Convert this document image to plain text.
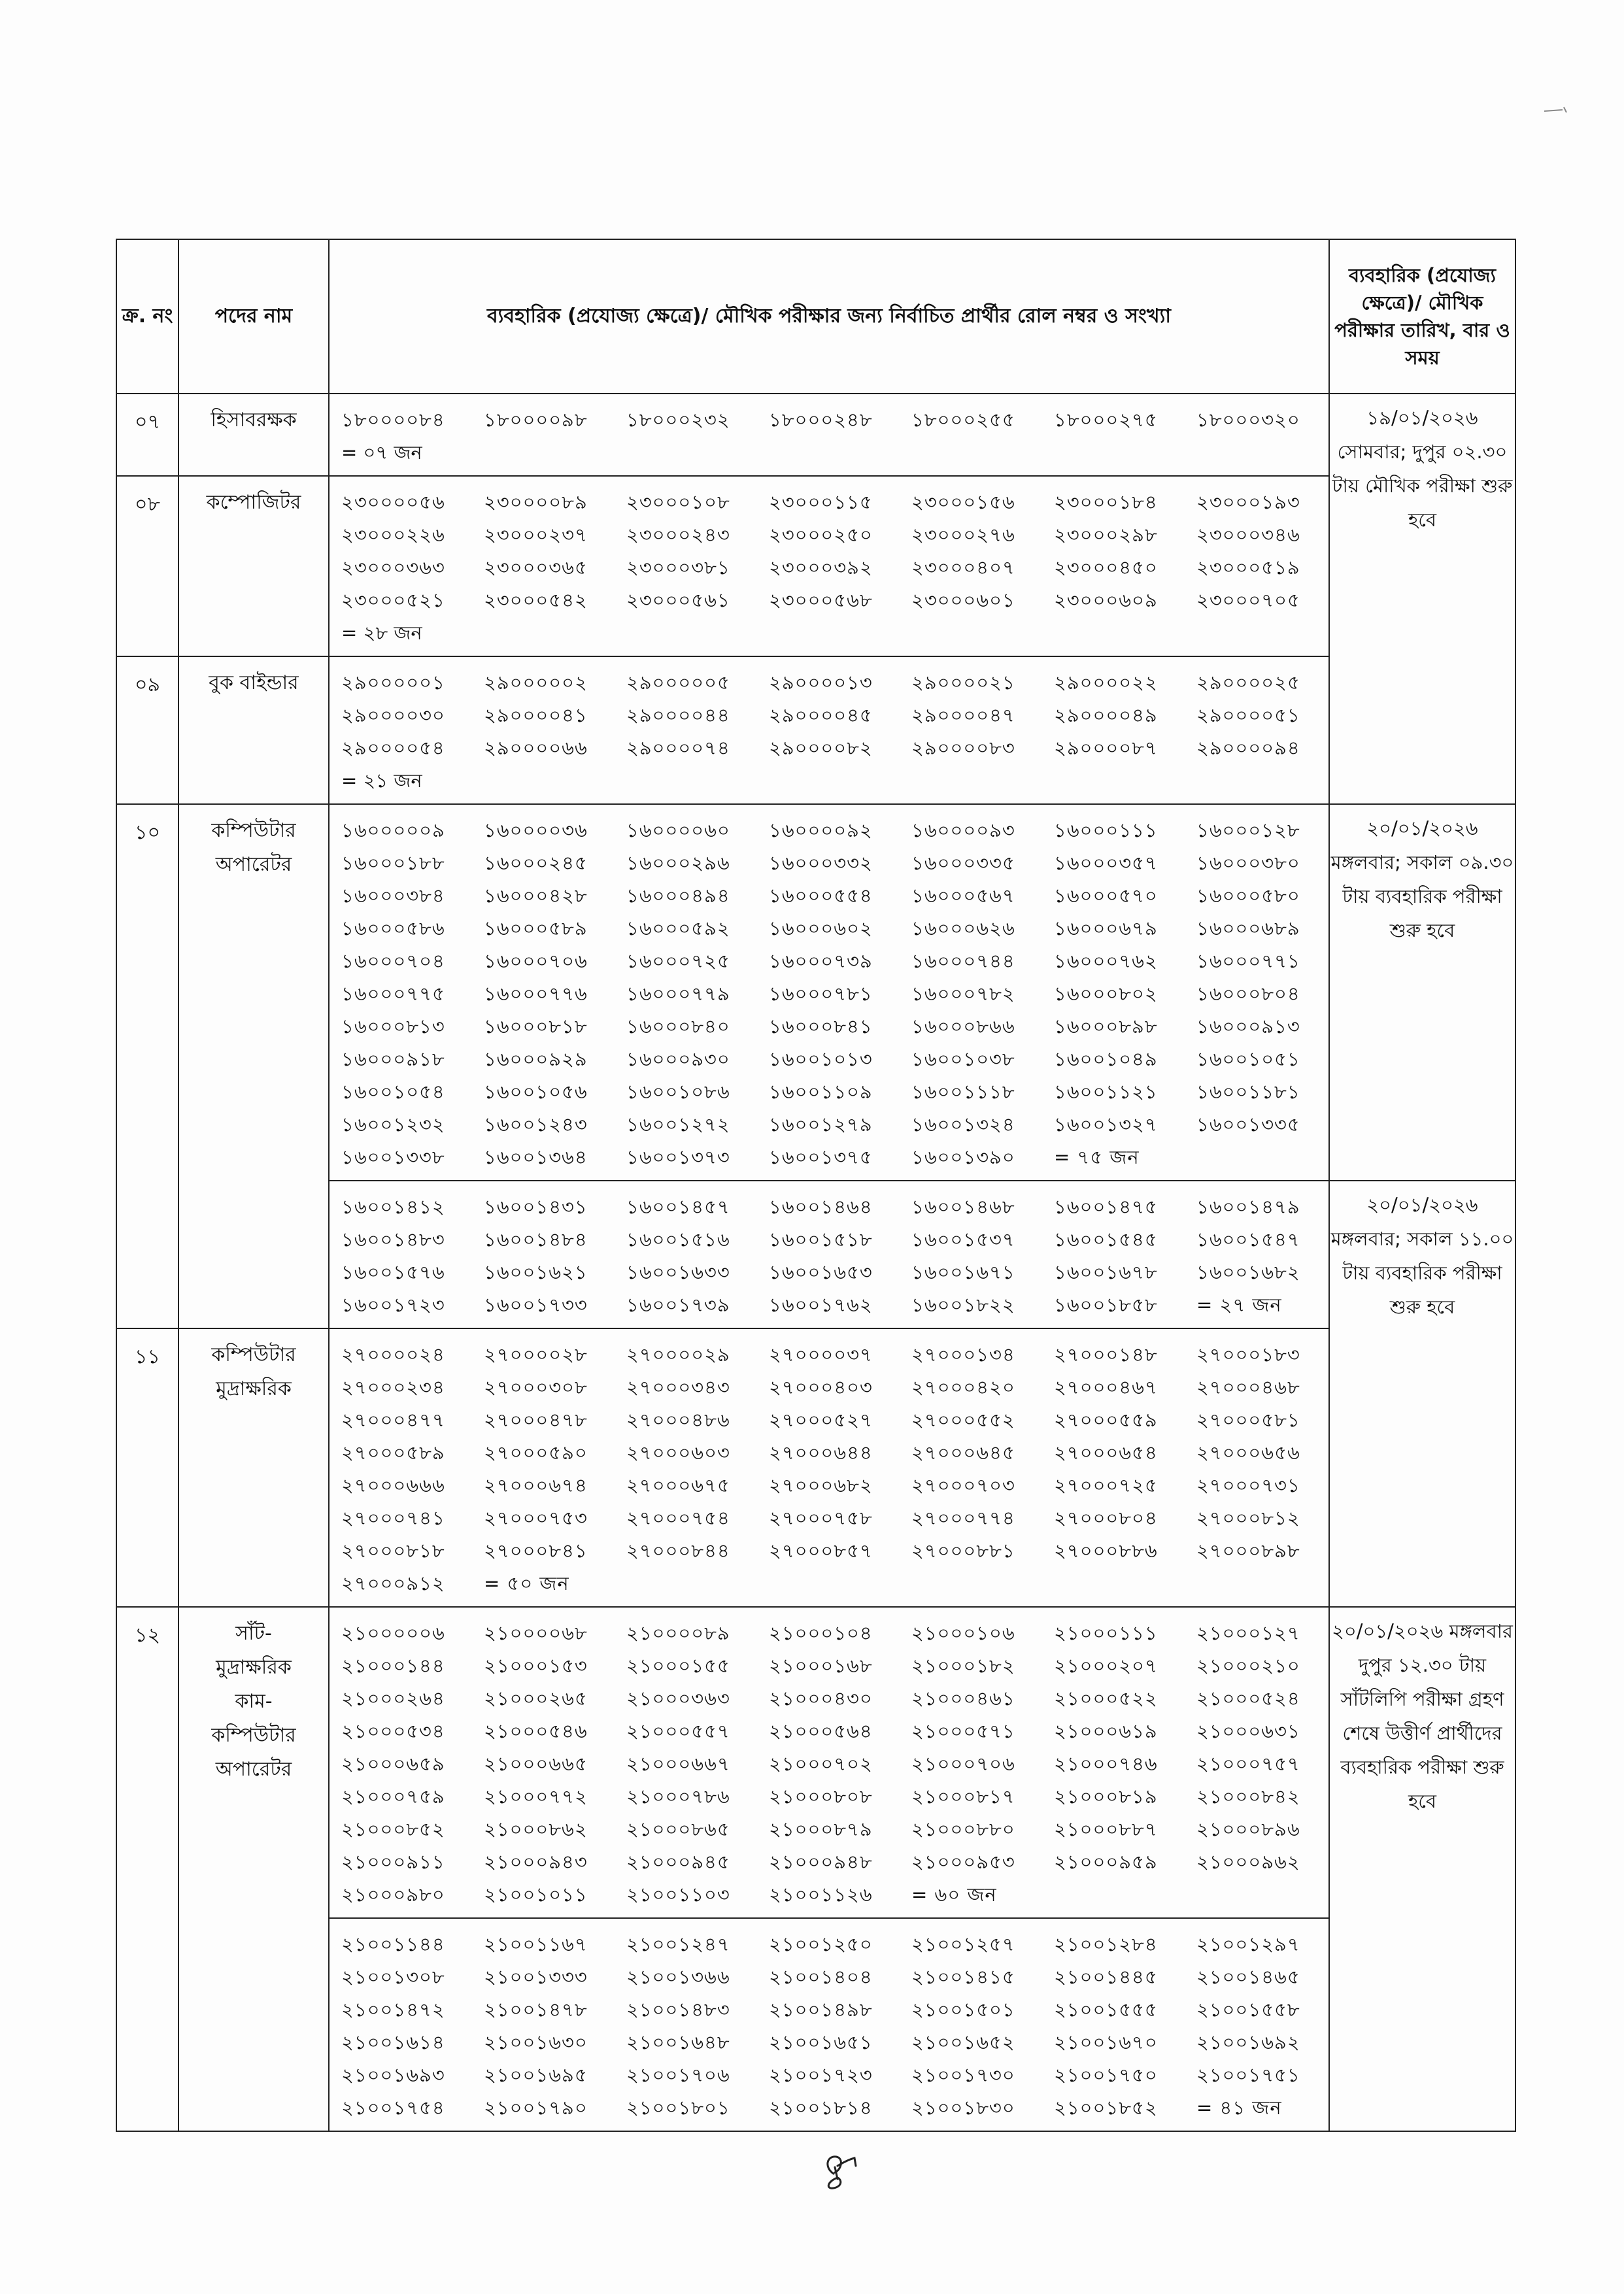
ক্র. নং	পদের নাম	ব্যবহারিক (প্রযোজ্য ক্ষেত্রে)/ মৌখিক পরীক্ষার জন্য নির্বাচিত প্রার্থীর রোল নম্বর ও সংখ্যা	ব্যবহারিক (প্রযোজ্য ক্ষেত্রে)/ মৌখিক পরীক্ষার তারিখ, বার ও সময়
০৭	হিসাবরক্ষক	১৮০০০০৮৪	১৮০০০০৯৮	১৮০০০২৩২	১৮০০০২৪৮	১৮০০০২৫৫	১৮০০০২৭৫	১৮০০০৩২০
= ০৭ জন
	১৯/০১/২০২৬ সোমবার; দুপুর ০২.৩০ টায় মৌখিক পরীক্ষা শুরু হবে
০৮	কম্পোজিটর	২৩০০০০৫৬	২৩০০০০৮৯	২৩০০০১০৮	২৩০০০১১৫	২৩০০০১৫৬	২৩০০০১৮৪	২৩০০০১৯৩
২৩০০০২২৬	২৩০০০২৩৭	২৩০০০২৪৩	২৩০০০২৫০	২৩০০০২৭৬	২৩০০০২৯৮	২৩০০০৩৪৬
২৩০০০৩৬৩	২৩০০০৩৬৫	২৩০০০৩৮১	২৩০০০৩৯২	২৩০০০৪০৭	২৩০০০৪৫০	২৩০০০৫১৯
২৩০০০৫২১	২৩০০০৫৪২	২৩০০০৫৬১	২৩০০০৫৬৮	২৩০০০৬০১	২৩০০০৬০৯	২৩০০০৭০৫
= ২৮ জন

০৯	বুক বাইন্ডার	২৯০০০০০১	২৯০০০০০২	২৯০০০০০৫	২৯০০০০১৩	২৯০০০০২১	২৯০০০০২২	২৯০০০০২৫
২৯০০০০৩০	২৯০০০০৪১	২৯০০০০৪৪	২৯০০০০৪৫	২৯০০০০৪৭	২৯০০০০৪৯	২৯০০০০৫১
২৯০০০০৫৪	২৯০০০০৬৬	২৯০০০০৭৪	২৯০০০০৮২	২৯০০০০৮৩	২৯০০০০৮৭	২৯০০০০৯৪
= ২১ জন

১০	কম্পিউটার অপারেটর	
১৬০০০০০৯	১৬০০০০৩৬	১৬০০০০৬০	১৬০০০০৯২	১৬০০০০৯৩	১৬০০০১১১	১৬০০০১২৮
১৬০০০১৮৮	১৬০০০২৪৫	১৬০০০২৯৬	১৬০০০৩৩২	১৬০০০৩৩৫	১৬০০০৩৫৭	১৬০০০৩৮০
১৬০০০৩৮৪	১৬০০০৪২৮	১৬০০০৪৯৪	১৬০০০৫৫৪	১৬০০০৫৬৭	১৬০০০৫৭০	১৬০০০৫৮০
১৬০০০৫৮৬	১৬০০০৫৮৯	১৬০০০৫৯২	১৬০০০৬০২	১৬০০০৬২৬	১৬০০০৬৭৯	১৬০০০৬৮৯
১৬০০০৭০৪	১৬০০০৭০৬	১৬০০০৭২৫	১৬০০০৭৩৯	১৬০০০৭৪৪	১৬০০০৭৬২	১৬০০০৭৭১
১৬০০০৭৭৫	১৬০০০৭৭৬	১৬০০০৭৭৯	১৬০০০৭৮১	১৬০০০৭৮২	১৬০০০৮০২	১৬০০০৮০৪
১৬০০০৮১৩	১৬০০০৮১৮	১৬০০০৮৪০	১৬০০০৮৪১	১৬০০০৮৬৬	১৬০০০৮৯৮	১৬০০০৯১৩
১৬০০০৯১৮	১৬০০০৯২৯	১৬০০০৯৩০	১৬০০১০১৩	১৬০০১০৩৮	১৬০০১০৪৯	১৬০০১০৫১
১৬০০১০৫৪	১৬০০১০৫৬	১৬০০১০৮৬	১৬০০১১০৯	১৬০০১১১৮	১৬০০১১২১	১৬০০১১৮১
১৬০০১২৩২	১৬০০১২৪৩	১৬০০১২৭২	১৬০০১২৭৯	১৬০০১৩২৪	১৬০০১৩২৭	১৬০০১৩৩৫
১৬০০১৩৩৮	১৬০০১৩৬৪	১৬০০১৩৭৩	১৬০০১৩৭৫	১৬০০১৩৯০	= ৭৫ জন
	২০/০১/২০২৬ মঙ্গলবার; সকাল ০৯.৩০ টায় ব্যবহারিক পরীক্ষা শুরু হবে

১৬০০১৪১২	১৬০০১৪৩১	১৬০০১৪৫৭	১৬০০১৪৬৪	১৬০০১৪৬৮	১৬০০১৪৭৫	১৬০০১৪৭৯
১৬০০১৪৮৩	১৬০০১৪৮৪	১৬০০১৫১৬	১৬০০১৫১৮	১৬০০১৫৩৭	১৬০০১৫৪৫	১৬০০১৫৪৭
১৬০০১৫৭৬	১৬০০১৬২১	১৬০০১৬৩৩	১৬০০১৬৫৩	১৬০০১৬৭১	১৬০০১৬৭৮	১৬০০১৬৮২
১৬০০১৭২৩	১৬০০১৭৩৩	১৬০০১৭৩৯	১৬০০১৭৬২	১৬০০১৮২২	১৬০০১৮৫৮	= ২৭ জন
	২০/০১/২০২৬ মঙ্গলবার; সকাল ১১.০০ টায় ব্যবহারিক পরীক্ষা শুরু হবে
১১	কম্পিউটার মুদ্রাক্ষরিক	
২৭০০০০২৪	২৭০০০০২৮	২৭০০০০২৯	২৭০০০০৩৭	২৭০০০১৩৪	২৭০০০১৪৮	২৭০০০১৮৩
২৭০০০২৩৪	২৭০০০৩০৮	২৭০০০৩৪৩	২৭০০০৪০৩	২৭০০০৪২০	২৭০০০৪৬৭	২৭০০০৪৬৮
২৭০০০৪৭৭	২৭০০০৪৭৮	২৭০০০৪৮৬	২৭০০০৫২৭	২৭০০০৫৫২	২৭০০০৫৫৯	২৭০০০৫৮১
২৭০০০৫৮৯	২৭০০০৫৯০	২৭০০০৬০৩	২৭০০০৬৪৪	২৭০০০৬৪৫	২৭০০০৬৫৪	২৭০০০৬৫৬
২৭০০০৬৬৬	২৭০০০৬৭৪	২৭০০০৬৭৫	২৭০০০৬৮২	২৭০০০৭০৩	২৭০০০৭২৫	২৭০০০৭৩১
২৭০০০৭৪১	২৭০০০৭৫৩	২৭০০০৭৫৪	২৭০০০৭৫৮	২৭০০০৭৭৪	২৭০০০৮০৪	২৭০০০৮১২
২৭০০০৮১৮	২৭০০০৮৪১	২৭০০০৮৪৪	২৭০০০৮৫৭	২৭০০০৮৮১	২৭০০০৮৮৬	২৭০০০৮৯৮
২৭০০০৯১২	= ৫০ জন

১২	সাঁট-
মুদ্রাক্ষরিক
কাম-
কম্পিউটার
অপারেটর

২১০০০০০৬	২১০০০০৬৮	২১০০০০৮৯	২১০০০১০৪	২১০০০১০৬	২১০০০১১১	২১০০০১২৭
২১০০০১৪৪	২১০০০১৫৩	২১০০০১৫৫	২১০০০১৬৮	২১০০০১৮২	২১০০০২০৭	২১০০০২১০
২১০০০২৬৪	২১০০০২৬৫	২১০০০৩৬৩	২১০০০৪৩০	২১০০০৪৬১	২১০০০৫২২	২১০০০৫২৪
২১০০০৫৩৪	২১০০০৫৪৬	২১০০০৫৫৭	২১০০০৫৬৪	২১০০০৫৭১	২১০০০৬১৯	২১০০০৬৩১
২১০০০৬৫৯	২১০০০৬৬৫	২১০০০৬৬৭	২১০০০৭০২	২১০০০৭০৬	২১০০০৭৪৬	২১০০০৭৫৭
২১০০০৭৫৯	২১০০০৭৭২	২১০০০৭৮৬	২১০০০৮০৮	২১০০০৮১৭	২১০০০৮১৯	২১০০০৮৪২
২১০০০৮৫২	২১০০০৮৬২	২১০০০৮৬৫	২১০০০৮৭৯	২১০০০৮৮০	২১০০০৮৮৭	২১০০০৮৯৬
২১০০০৯১১	২১০০০৯৪৩	২১০০০৯৪৫	২১০০০৯৪৮	২১০০০৯৫৩	২১০০০৯৫৯	২১০০০৯৬২
২১০০০৯৮০	২১০০১০১১	২১০০১১০৩	২১০০১১২৬	= ৬০ জন
	২০/০১/২০২৬ মঙ্গলবার দুপুর ১২.৩০ টায় সাঁটলিপি পরীক্ষা গ্রহণ শেষে উত্তীর্ণ প্রার্থীদের ব্যবহারিক পরীক্ষা শুরু হবে

২১০০১১৪৪	২১০০১১৬৭	২১০০১২৪৭	২১০০১২৫০	২১০০১২৫৭	২১০০১২৮৪	২১০০১২৯৭
২১০০১৩০৮	২১০০১৩৩৩	২১০০১৩৬৬	২১০০১৪০৪	২১০০১৪১৫	২১০০১৪৪৫	২১০০১৪৬৫
২১০০১৪৭২	২১০০১৪৭৮	২১০০১৪৮৩	২১০০১৪৯৮	২১০০১৫০১	২১০০১৫৫৫	২১০০১৫৫৮
২১০০১৬১৪	২১০০১৬৩০	২১০০১৬৪৮	২১০০১৬৫১	২১০০১৬৫২	২১০০১৬৭০	২১০০১৬৯২
২১০০১৬৯৩	২১০০১৬৯৫	২১০০১৭০৬	২১০০১৭২৩	২১০০১৭৩০	২১০০১৭৫০	২১০০১৭৫১
২১০০১৭৫৪	২১০০১৭৯০	২১০০১৮০১	২১০০১৮১৪	২১০০১৮৩০	২১০০১৮৫২	= ৪১ জন
